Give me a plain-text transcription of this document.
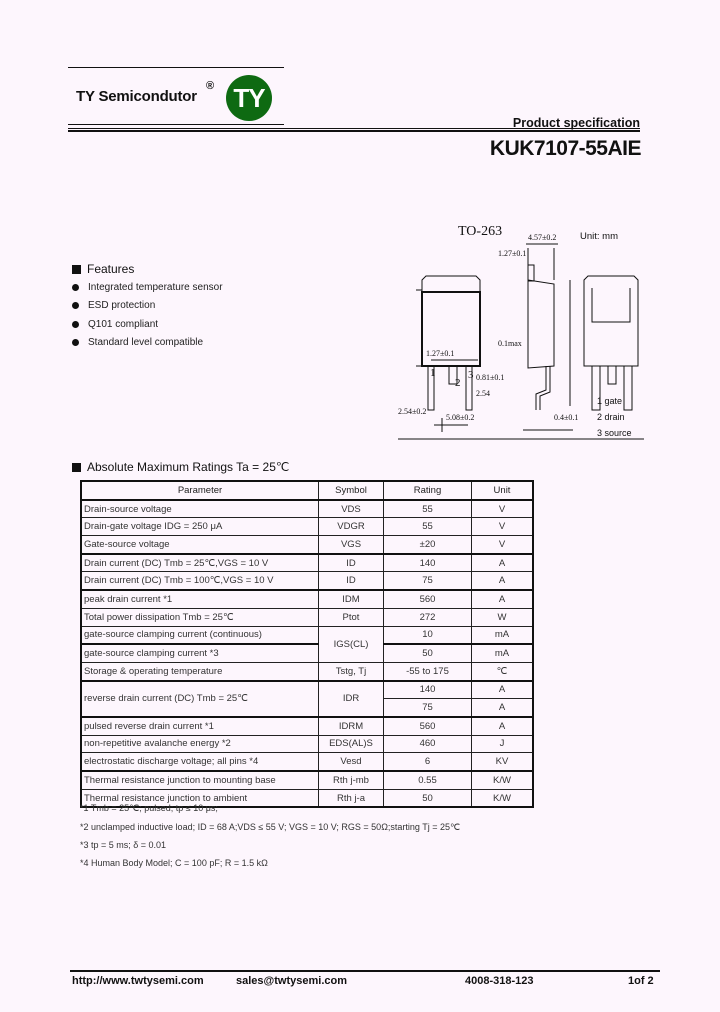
TY Semicondutor
® TY
Product specification
KUK7107-55AIE
Features
Integrated temperature sensor
ESD protection
Q101 compliant
Standard level compatible
TO-263	Unit: mm
1.27±0.1
0.1max
0.81±0.1
2.54
2.54±0.2
5.08±0.2
1.27±0.1
4.57±0.2
0.4±0.1
1
2
3
1 gate
2 drain
3 source
Absolute Maximum Ratings Ta = 25℃
Parameter	Symbol	Rating	Unit
Drain-source voltage	VDS	55	V
Drain-gate voltage IDG = 250 μA	VDGR	55	V
Gate-source voltage	VGS	±20	V
Drain current (DC) Tmb = 25℃,VGS = 10 V	ID	140	A
Drain current (DC) Tmb = 100℃,VGS = 10 V	ID	75	A
peak drain current *1	IDM	560	A
Total power dissipation Tmb = 25℃	Ptot	272	W
gate-source clamping current (continuous)	IGS(CL)	10	mA
gate-source clamping current *3		50	mA
Storage & operating temperature	Tstg, Tj	-55 to 175	℃
reverse drain current (DC) Tmb = 25℃	IDR	140	A
		75	A
pulsed reverse drain current *1	IDRM	560	A
non-repetitive avalanche energy *2	EDS(AL)S	460	J
electrostatic discharge voltage; all pins *4	Vesd	6	KV
Thermal resistance junction to mounting base	Rth j-mb	0.55	K/W
Thermal resistance junction to ambient	Rth j-a	50	K/W
*1 Tmb = 25℃; pulsed; tp ≤ 10 μs;
*2 unclamped inductive load; ID = 68 A;VDS ≤ 55 V; VGS = 10 V; RGS = 50Ω;starting Tj = 25℃
*3 tp = 5 ms; δ = 0.01
*4 Human Body Model; C = 100 pF; R = 1.5 kΩ
http://www.twtysemi.com	sales@twtysemi.com	4008-318-123	1of 2
